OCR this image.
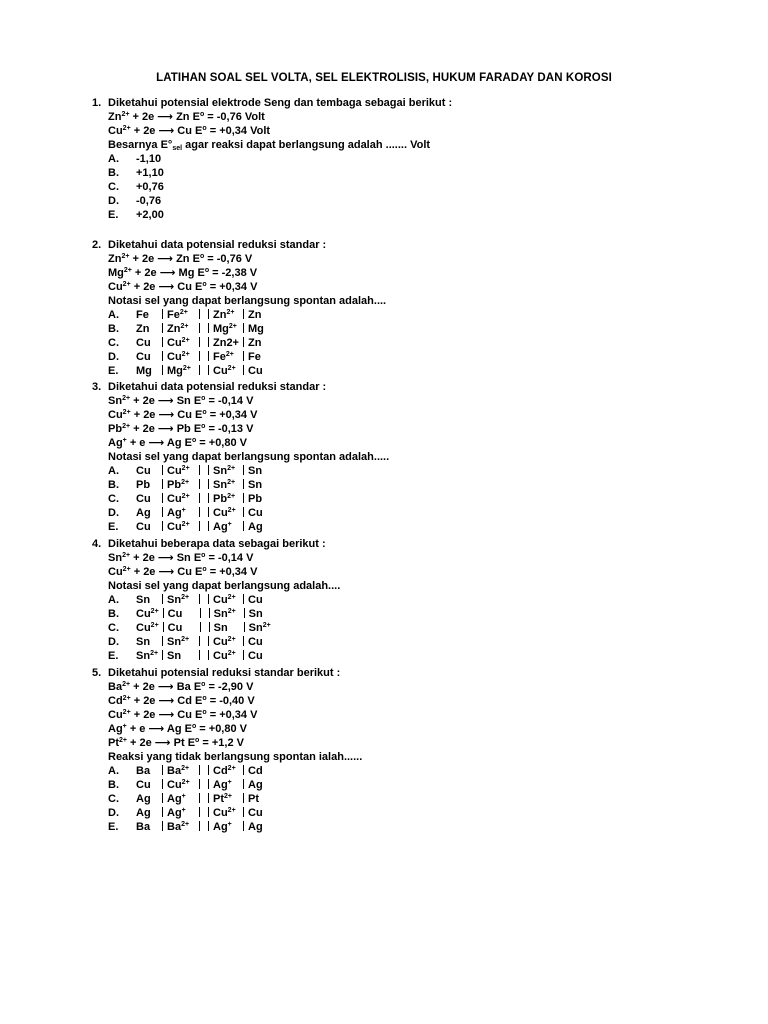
LATIHAN SOAL SEL VOLTA, SEL ELEKTROLISIS, HUKUM FARADAY DAN KOROSI
1. Diketahui potensial elektrode Seng dan tembaga sebagai berikut :
$Zn^{2+} + 2e$ ⟶ Zn $E^o = -0,76$ Volt
$Cu^{2+} + 2e$ ⟶ Cu $E^o = +0,34$ Volt
Besarnya $E^\circ_{sel}$ agar reaksi dapat berlangsung adalah ....... Volt
A.	-1,10
B.	+1,10
C.	+0,76
D.	-0,76
E.	+2,00
2. Diketahui data potensial reduksi standar :
$Zn^{2+} + 2e$ ⟶ Zn $E^o = -0,76$ V
$Mg^{2+} + 2e$ ⟶ Mg $E^o = -2,38$ V
$Cu^{2+} + 2e$ ⟶ Cu $E^o = +0,34$ V
Notasi sel yang dapat berlangsung spontan adalah....
A.	Fe $Fe^{2+}$ $Zn^{2+}$ Zn
B.	Zn $Zn^{2+}$ $Mg^{2+}$ Mg
C.	Cu $Cu^{2+}$ Zn2+ Zn
D.	Cu $Cu^{2+}$ $Fe^{2+}$ Fe
E.	Mg $Mg^{2+}$ $Cu^{2+}$ Cu
3. Diketahui data potensial reduksi standar :
$Sn^{2+} + 2e$ ⟶ Sn $E^o = -0,14$ V
$Cu^{2+} + 2e$ ⟶ Cu $E^o = +0,34$ V
$Pb^{2+} + 2e$ ⟶ Pb $E^o = -0,13$ V
Ag+ + e ⟶ Ag $E^o = +0,80$ V
Notasi sel yang dapat berlangsung spontan adalah.....
A.	Cu $Cu^{2+}$ $Sn^{2+}$ Sn
B.	Pb $Pb^{2+}$ $Sn^{2+}$ Sn
C.	Cu $Cu^{2+}$ $Pb^{2+}$ Pb
D.	Ag Ag+ $Cu^{2+}$ Cu
E.	Cu $Cu^{2+}$ Ag+ Ag
4. Diketahui beberapa data sebagai berikut :
$Sn^{2+} + 2e$ ⟶ Sn $E^o = -0,14$ V
$Cu^{2+} + 2e$ ⟶ Cu $E^o = +0,34$ V
Notasi sel yang dapat berlangsung adalah....
A.	Sn $Sn^{2+}$ $Cu^{2+}$ Cu
B.	$Cu^{2+}$ Cu	$Sn^{2+}$ Sn
C.	$Cu^{2+}$ Cu	Sn $Sn^{2+}$
D.	Sn $Sn^{2+}$ $Cu^{2+}$ Cu
E.	$Sn^{2+}$ Sn	$Cu^{2+}$ Cu
5. Diketahui potensial reduksi standar berikut :
$Ba^{2+} + 2e$ ⟶ Ba $E^o = -2,90$ V
$Cd^{2+} + 2e$ ⟶ Cd $E^o = -0,40$ V
$Cu^{2+} + 2e$ ⟶ Cu $E^o = +0,34$ V
Ag+ + e ⟶ Ag $E^o = +0,80$ V
$Pt^{2+} + 2e$ ⟶ Pt $E^o = +1,2$ V
Reaksi yang tidak berlangsung spontan ialah......
A.	Ba $Ba^{2+}$ $Cd^{2+}$ Cd
B.	Cu $Cu^{2+}$ Ag+ Ag
C.	Ag Ag+ $Pt^{2+}$ Pt
D.	Ag Ag+ $Cu^{2+}$ Cu
E.	Ba $Ba^{2+}$ Ag+ Ag
